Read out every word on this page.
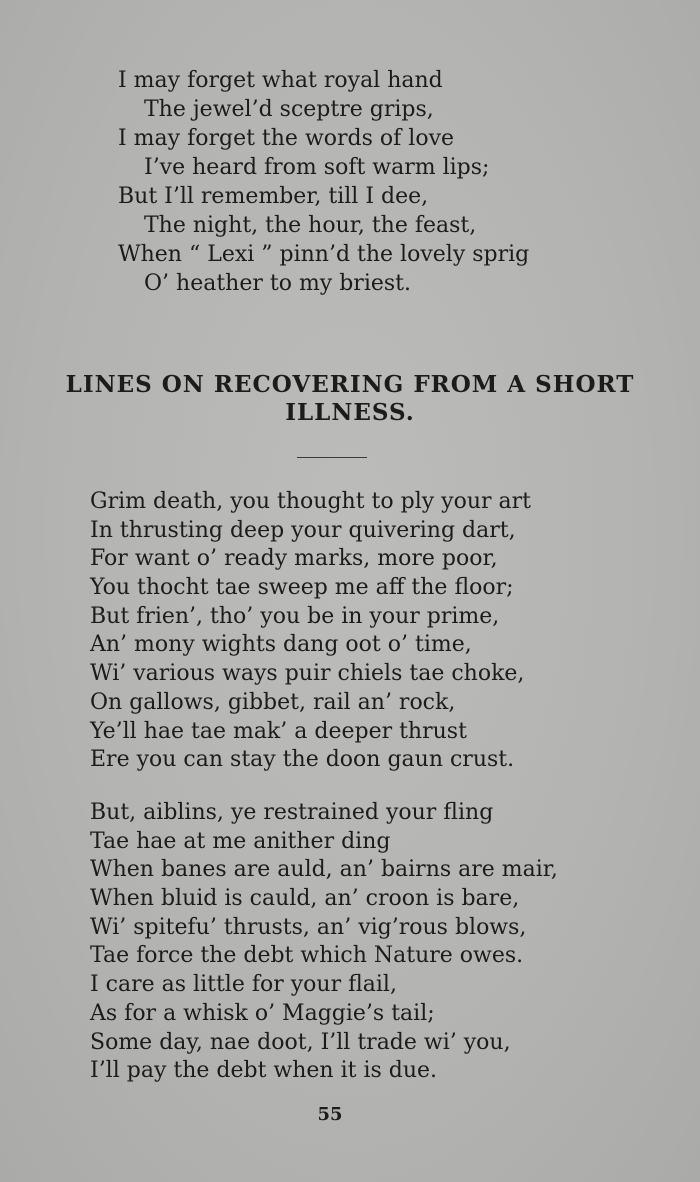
I may forget what royal hand
The jewel’d sceptre grips,
I may forget the words of love
I’ve heard from soft warm lips;
But I’ll remember, till I dee,
The night, the hour, the feast,
When “ Lexi ” pinn’d the lovely sprig
O’ heather to my briest.
LINES ON RECOVERING FROM A SHORT
ILLNESS.
Grim death, you thought to ply your art
In thrusting deep your quivering dart,
For want o’ ready marks, more poor,
You thocht tae sweep me aff the floor;
But frien’, tho’ you be in your prime,
An’ mony wights dang oot o’ time,
Wi’ various ways puir chiels tae choke,
On gallows, gibbet, rail an’ rock,
Ye’ll hae tae mak’ a deeper thrust
Ere you can stay the doon gaun crust.
But, aiblins, ye restrained your fling
Tae hae at me anither ding
When banes are auld, an’ bairns are mair,
When bluid is cauld, an’ croon is bare,
Wi’ spitefu’ thrusts, an’ vig’rous blows,
Tae force the debt which Nature owes.
I care as little for your flail,
As for a whisk o’ Maggie’s tail;
Some day, nae doot, I’ll trade wi’ you,
I’ll pay the debt when it is due.
55
